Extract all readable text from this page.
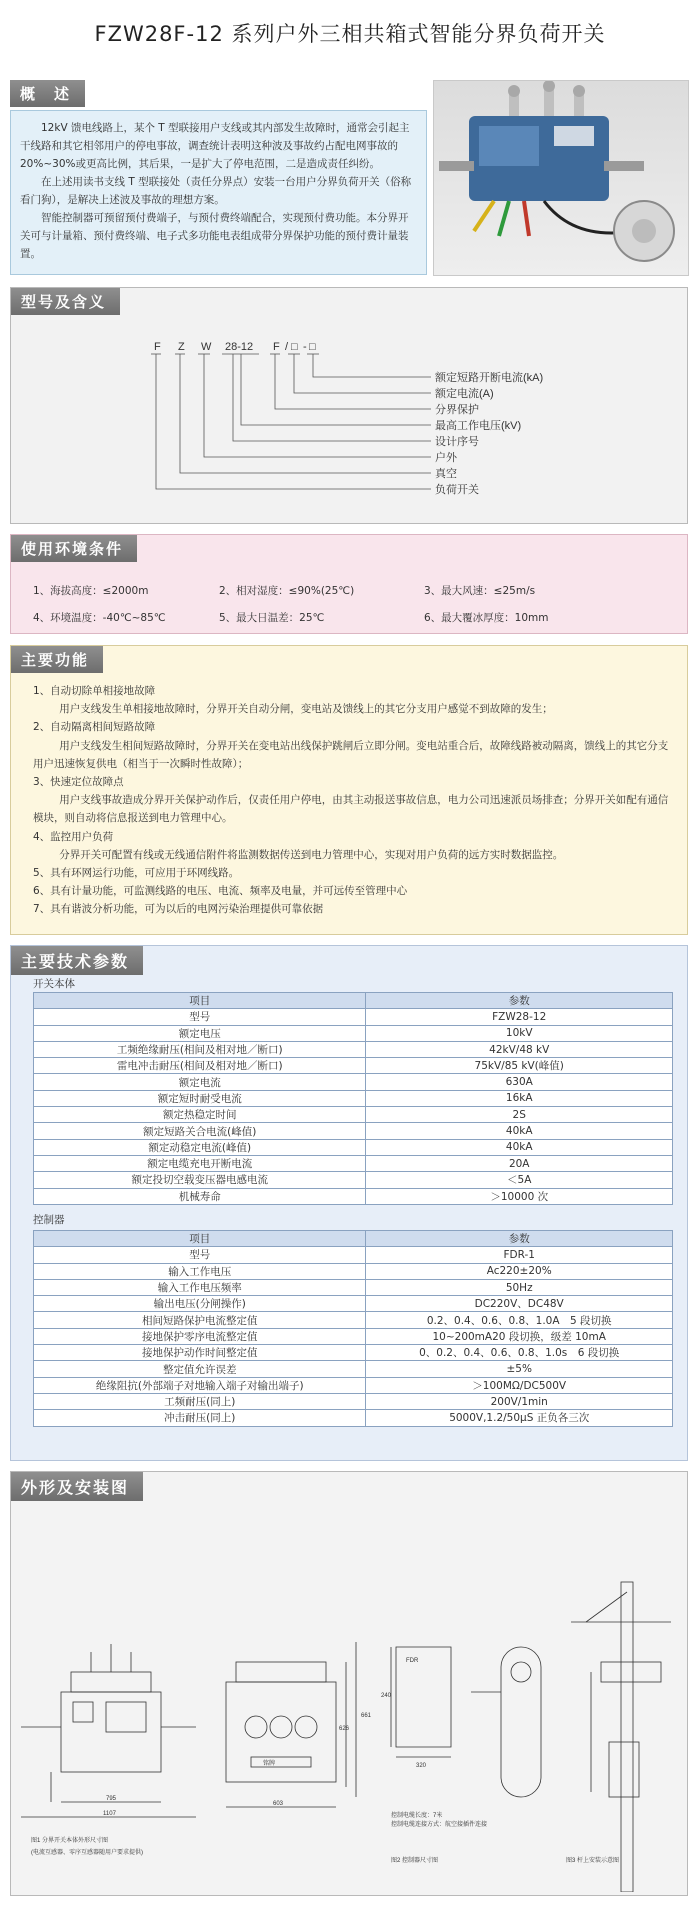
FZW28F-12 系列户外三相共箱式智能分界负荷开关
概　述

12kV 馈电线路上，某个 T 型联接用户支线或其内部发生故障时，通常会引起主干线路和其它相邻用户的停电事故，调查统计表明这种波及事故约占配电网事故的 20%~30%或更高比例，其后果，一是扩大了停电范围，二是造成责任纠纷。

在上述用读书支线 T 型联接处（责任分界点）安装一台用户分界负荷开关（俗称看门狗），是解决上述波及事故的理想方案。

智能控制器可预留预付费端子，与预付费终端配合，实现预付费功能。本分界开关可与计量箱、预付费终端、电子式多功能电表组成带分界保护功能的预付费计量装置。

型号及含义
F Z W 28-12 F / □ - □
额定短路开断电流(kA)
额定电流(A)
分界保护
最高工作电压(kV)
设计序号
户外
真空
负荷开关
使用环境条件
1、海拔高度：≤2000m	2、相对湿度：≤90%(25℃)	3、最大风速：≤25m/s
4、环境温度：-40℃~85℃	5、最大日温差：25℃	6、最大覆冰厚度：10mm
主要功能
1、自动切除单相接地故障
用户支线发生单相接地故障时，分界开关自动分闸，变电站及馈线上的其它分支用户感觉不到故障的发生；
2、自动隔离相间短路故障
用户支线发生相间短路故障时，分界开关在变电站出线保护跳闸后立即分闸。变电站重合后，故障线路被动隔离，馈线上的其它分支用户迅速恢复供电（相当于一次瞬时性故障）；
3、快速定位故障点
用户支线事故造成分界开关保护动作后，仅责任用户停电，由其主动报送事故信息，电力公司迅速派员场排查；分界开关如配有通信模块，则自动将信息报送到电力管理中心。
4、监控用户负荷
分界开关可配置有线或无线通信附件将监测数据传送到电力管理中心，实现对用户负荷的远方实时数据监控。
5、具有环网运行功能，可应用于环网线路。
6、具有计量功能，可监测线路的电压、电流、频率及电量，并可远传至管理中心
7、具有谐波分析功能，可为以后的电网污染治理提供可靠依据
主要技术参数
开关本体
项目	参数
型号	FZW28-12
额定电压	10kV
工频绝缘耐压(相间及相对地／断口)	42kV/48 kV
雷电冲击耐压(相间及相对地／断口)	75kV/85 kV(峰值)
额定电流	630A
额定短时耐受电流	16kA
额定热稳定时间	2S
额定短路关合电流(峰值)	40kA
额定动稳定电流(峰值)	40kA
额定电缆充电开断电流	20A
额定投切空载变压器电感电流	＜5A
机械寿命	＞10000 次
控制器
项目	参数
型号	FDR-1
输入工作电压	Ac220±20%
输入工作电压频率	50Hz
输出电压(分闸操作)	DC220V、DC48V
相间短路保护电流整定值	0.2、0.4、0.6、0.8、1.0A　5 段切换
接地保护零序电流整定值	10~200mA20 段切换，级差 10mA
接地保护动作时间整定值	0、0.2、0.4、0.6、0.8、1.0s　6 段切换
整定值允许误差	±5%
绝缘阻抗(外部端子对地输入端子对输出端子)	＞100MΩ/DC500V
工频耐压(同上)	200V/1min
冲击耐压(同上)	5000V,1.2/50μS 正负各三次
外形及安装图
795
1107
603
661
626
铭牌
FDR
240
320
图1 分界开关本体外形尺寸图
(电流互感器、零序互感器随用户要求提供)
控制电缆长度：7米
控制电缆连接方式：航空接插件连接
图2 控制器尺寸图	图3 杆上安装示意图
